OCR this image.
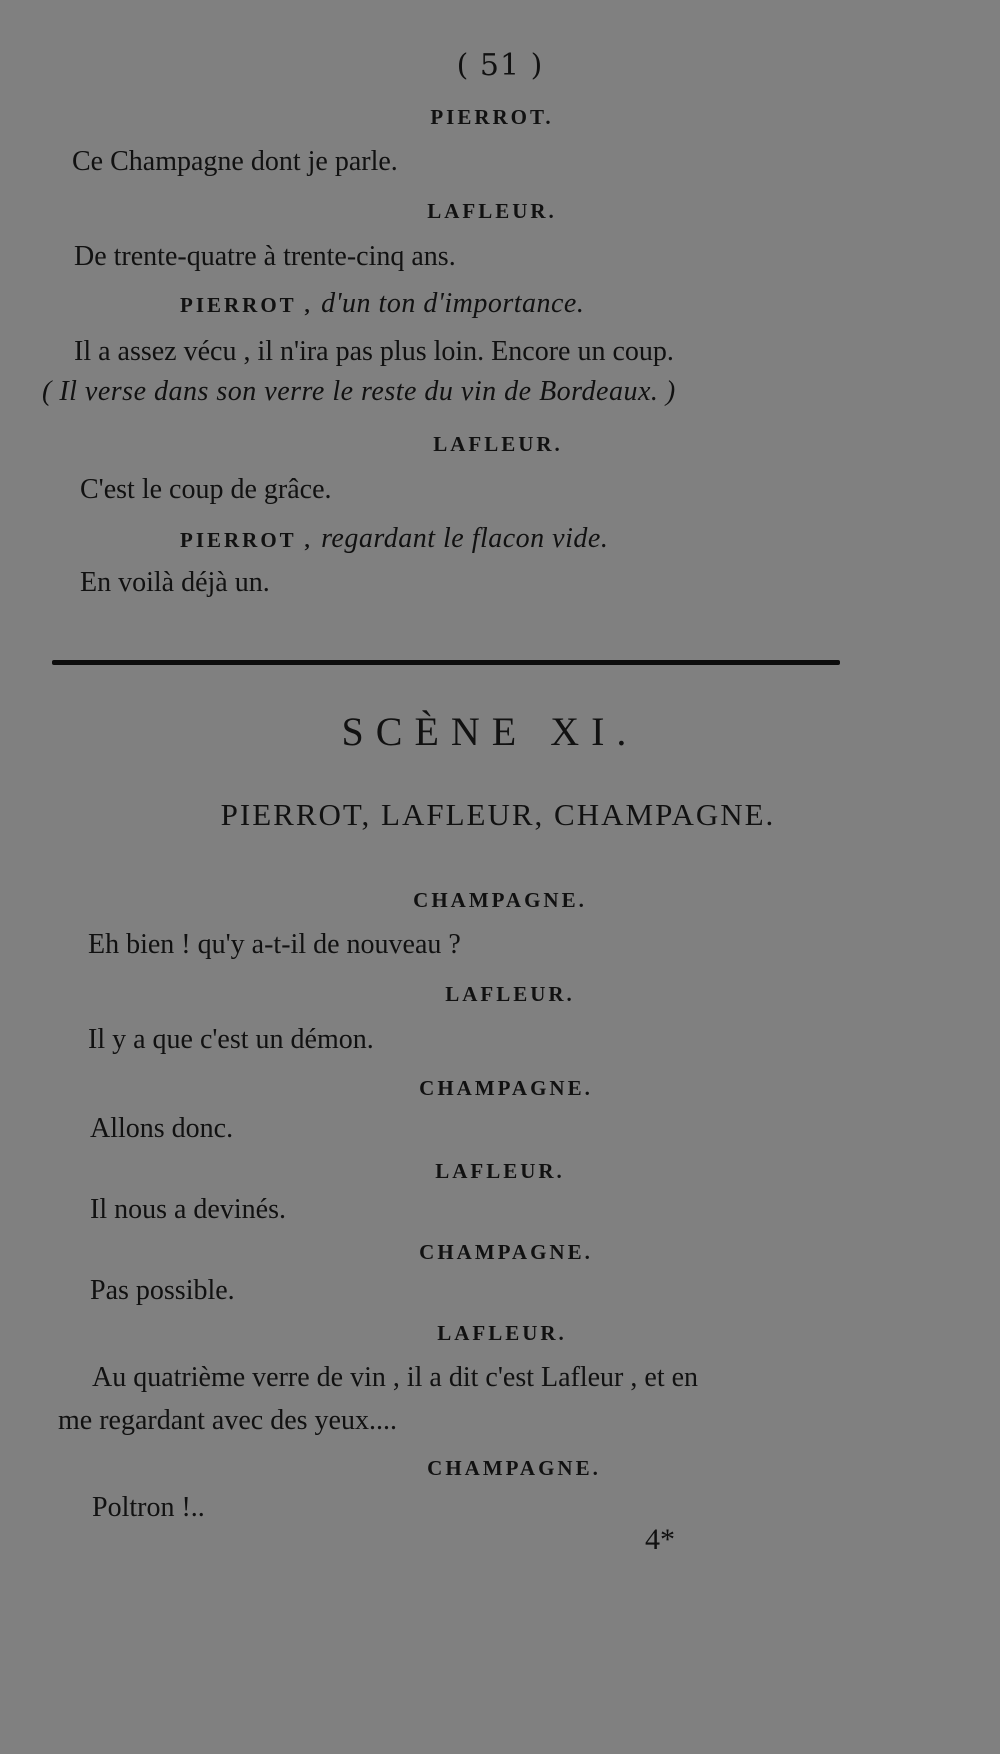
( 51 )
PIERROT.
Ce Champagne dont je parle.
LAFLEUR.
De trente-quatre à trente-cinq ans.
PIERROT , d'un ton d'importance.
Il a assez vécu , il n'ira pas plus loin. Encore un coup.
( Il verse dans son verre le reste du vin de Bordeaux. )
LAFLEUR.
C'est le coup de grâce.
PIERROT , regardant le flacon vide.
En voilà déjà un.
SCÈNE XI.
PIERROT, LAFLEUR, CHAMPAGNE.
CHAMPAGNE.
Eh bien ! qu'y a-t-il de nouveau ?
LAFLEUR.
Il y a que c'est un démon.
CHAMPAGNE.
Allons donc.
LAFLEUR.
Il nous a devinés.
CHAMPAGNE.
Pas possible.
LAFLEUR.
Au quatrième verre de vin , il a dit c'est Lafleur , et en
me regardant avec des yeux....
CHAMPAGNE.
Poltron !..
4*
